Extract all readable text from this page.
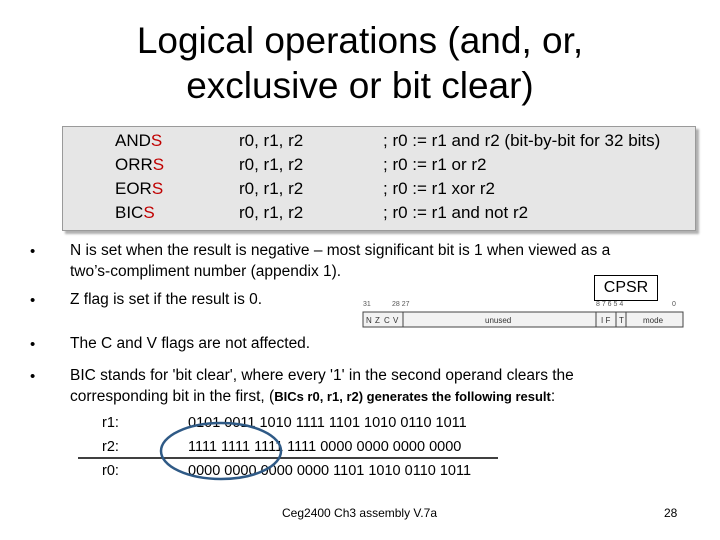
Logical operations (and, or,
exclusive or bit clear)
ANDS	r0, r1, r2	; r0 := r1 and r2 (bit-by-bit for 32 bits)
ORRS	r0, r1, r2	; r0 := r1 or r2
EORS	r0, r1, r2	; r0 := r1 xor r2
BICS	r0, r1, r2	; r0 := r1 and not r2
• N is set when the result is negative – most significant bit is 1 when viewed as a
two’s-compliment number (appendix 1).
• Z flag is set if the result is 0.
• The C and V flags are not affected.
• BIC stands for 'bit clear', where every '1' in the second operand clears the
corresponding bit in the first, (BICs r0, r1, r2) generates the following result:
CPSR
31	28 27	8 7 6 5 4	0
N Z C V	unused	I F T mode
r1:	0101 0011 1010 1111 1101 1010 0110 1011
r2:	1111 1111 1111 1111 0000 0000 0000 0000
r0:	0000 0000 0000 0000 1101 1010 0110 1011
Ceg2400 Ch3 assembly V.7a	28
